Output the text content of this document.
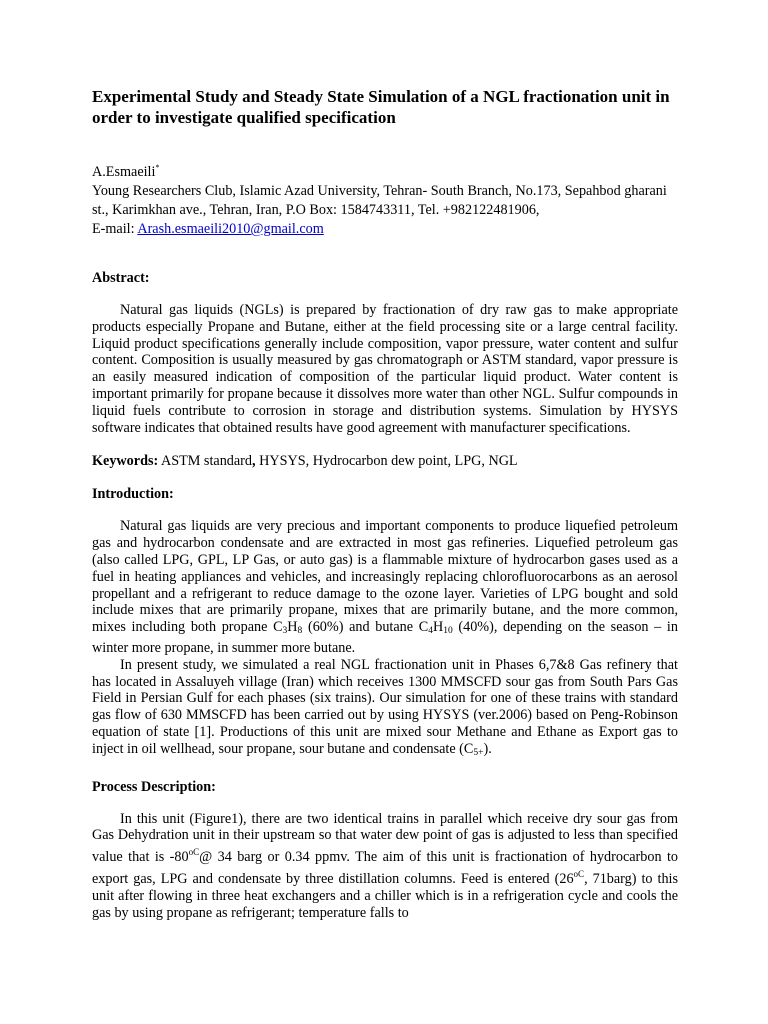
Experimental Study and Steady State Simulation of a NGL fractionation unit in order to investigate qualified specification

A.Esmaeili*

Young Researchers Club, Islamic Azad University, Tehran- South Branch, No.173, Sepahbod gharani st., Karimkhan ave., Tehran, Iran, P.O Box: 1584743311, Tel. +982122481906,

E-mail: Arash.esmaeili2010@gmail.com

Abstract:

Natural gas liquids (NGLs) is prepared by fractionation of dry raw gas to make appropriate products especially Propane and Butane, either at the field processing site or a large central facility. Liquid product specifications generally include composition, vapor pressure, water content and sulfur content. Composition is usually measured by gas chromatograph or ASTM standard, vapor pressure is an easily measured indication of composition of the particular liquid product. Water content is important primarily for propane because it dissolves more water than other NGL. Sulfur compounds in liquid fuels contribute to corrosion in storage and distribution systems. Simulation by HYSYS software indicates that obtained results have good agreement with manufacturer specifications.

Keywords: ASTM standard, HYSYS, Hydrocarbon dew point, LPG, NGL

Introduction:

Natural gas liquids are very precious and important components to produce liquefied petroleum gas and hydrocarbon condensate and are extracted in most gas refineries. Liquefied petroleum gas (also called LPG, GPL, LP Gas, or auto gas) is a flammable mixture of hydrocarbon gases used as a fuel in heating appliances and vehicles, and increasingly replacing chlorofluorocarbons as an aerosol propellant and a refrigerant to reduce damage to the ozone layer. Varieties of LPG bought and sold include mixes that are primarily propane, mixes that are primarily butane, and the more common, mixes including both propane $C_3H_8$ (60%) and butane $C_4H_{10}$ (40%), depending on the season – in winter more propane, in summer more butane.

In present study, we simulated a real NGL fractionation unit in Phases 6,7&8 Gas refinery that has located in Assaluyeh village (Iran) which receives 1300 MMSCFD sour gas from South Pars Gas Field in Persian Gulf for each phases (six trains). Our simulation for one of these trains with standard gas flow of 630 MMSCFD has been carried out by using HYSYS (ver.2006) based on Peng-Robinson equation of state [1]. Productions of this unit are mixed sour Methane and Ethane as Export gas to inject in oil wellhead, sour propane, sour butane and condensate $(C_{5+})$.

Process Description:

In this unit (Figure1), there are two identical trains in parallel which receive dry sour gas from Gas Dehydration unit in their upstream so that water dew point of gas is adjusted to less than specified value that is $-80^{oC}@$ 34 barg or 0.34 ppmv. The aim of this unit is fractionation of hydrocarbon to export gas, LPG and condensate by three distillation columns. Feed is entered ($26^{oC}$, 71barg) to this unit after flowing in three heat exchangers and a chiller which is in a refrigeration cycle and cools the gas by using propane as refrigerant; temperature falls to
